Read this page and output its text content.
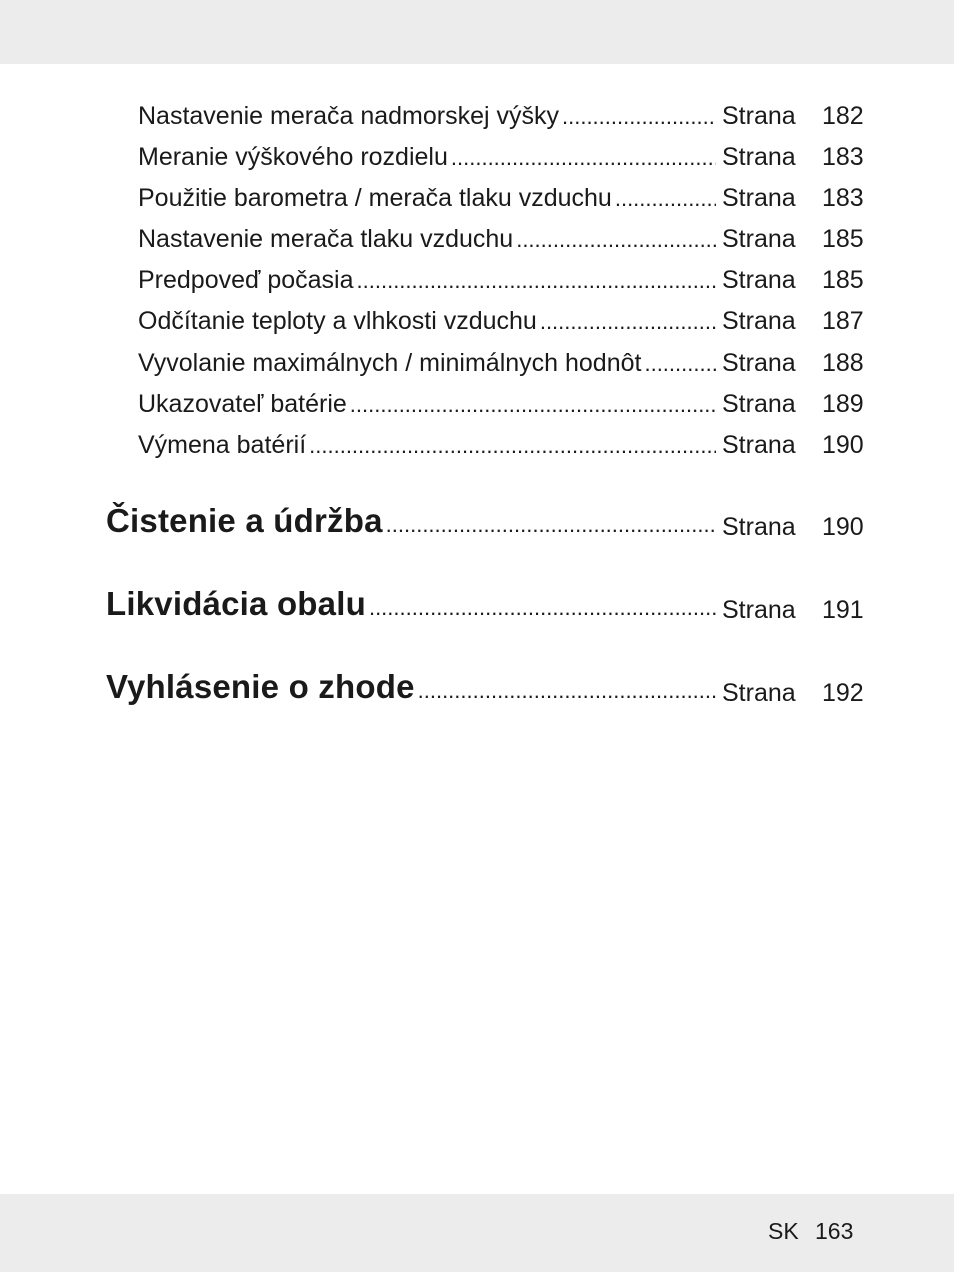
Nastavenie merača nadmorskej výšky .....	Strana 182
Meranie výškového rozdielu .....	Strana 183
Použitie barometra / merača tlaku vzduchu .....	Strana 183
Nastavenie merača tlaku vzduchu .....	Strana 185
Predpoveď počasia .....	Strana 185
Odčítanie teploty a vlhkosti vzduchu .....	Strana 187
Vyvolanie maximálnych / minimálnych hodnôt .....	Strana 188
Ukazovateľ batérie .....	Strana 189
Výmena batérií .....	Strana 190
Čistenie a údržba .....	Strana 190
Likvidácia obalu .....	Strana 191
Vyhlásenie o zhode .....	Strana 192
SK 163
